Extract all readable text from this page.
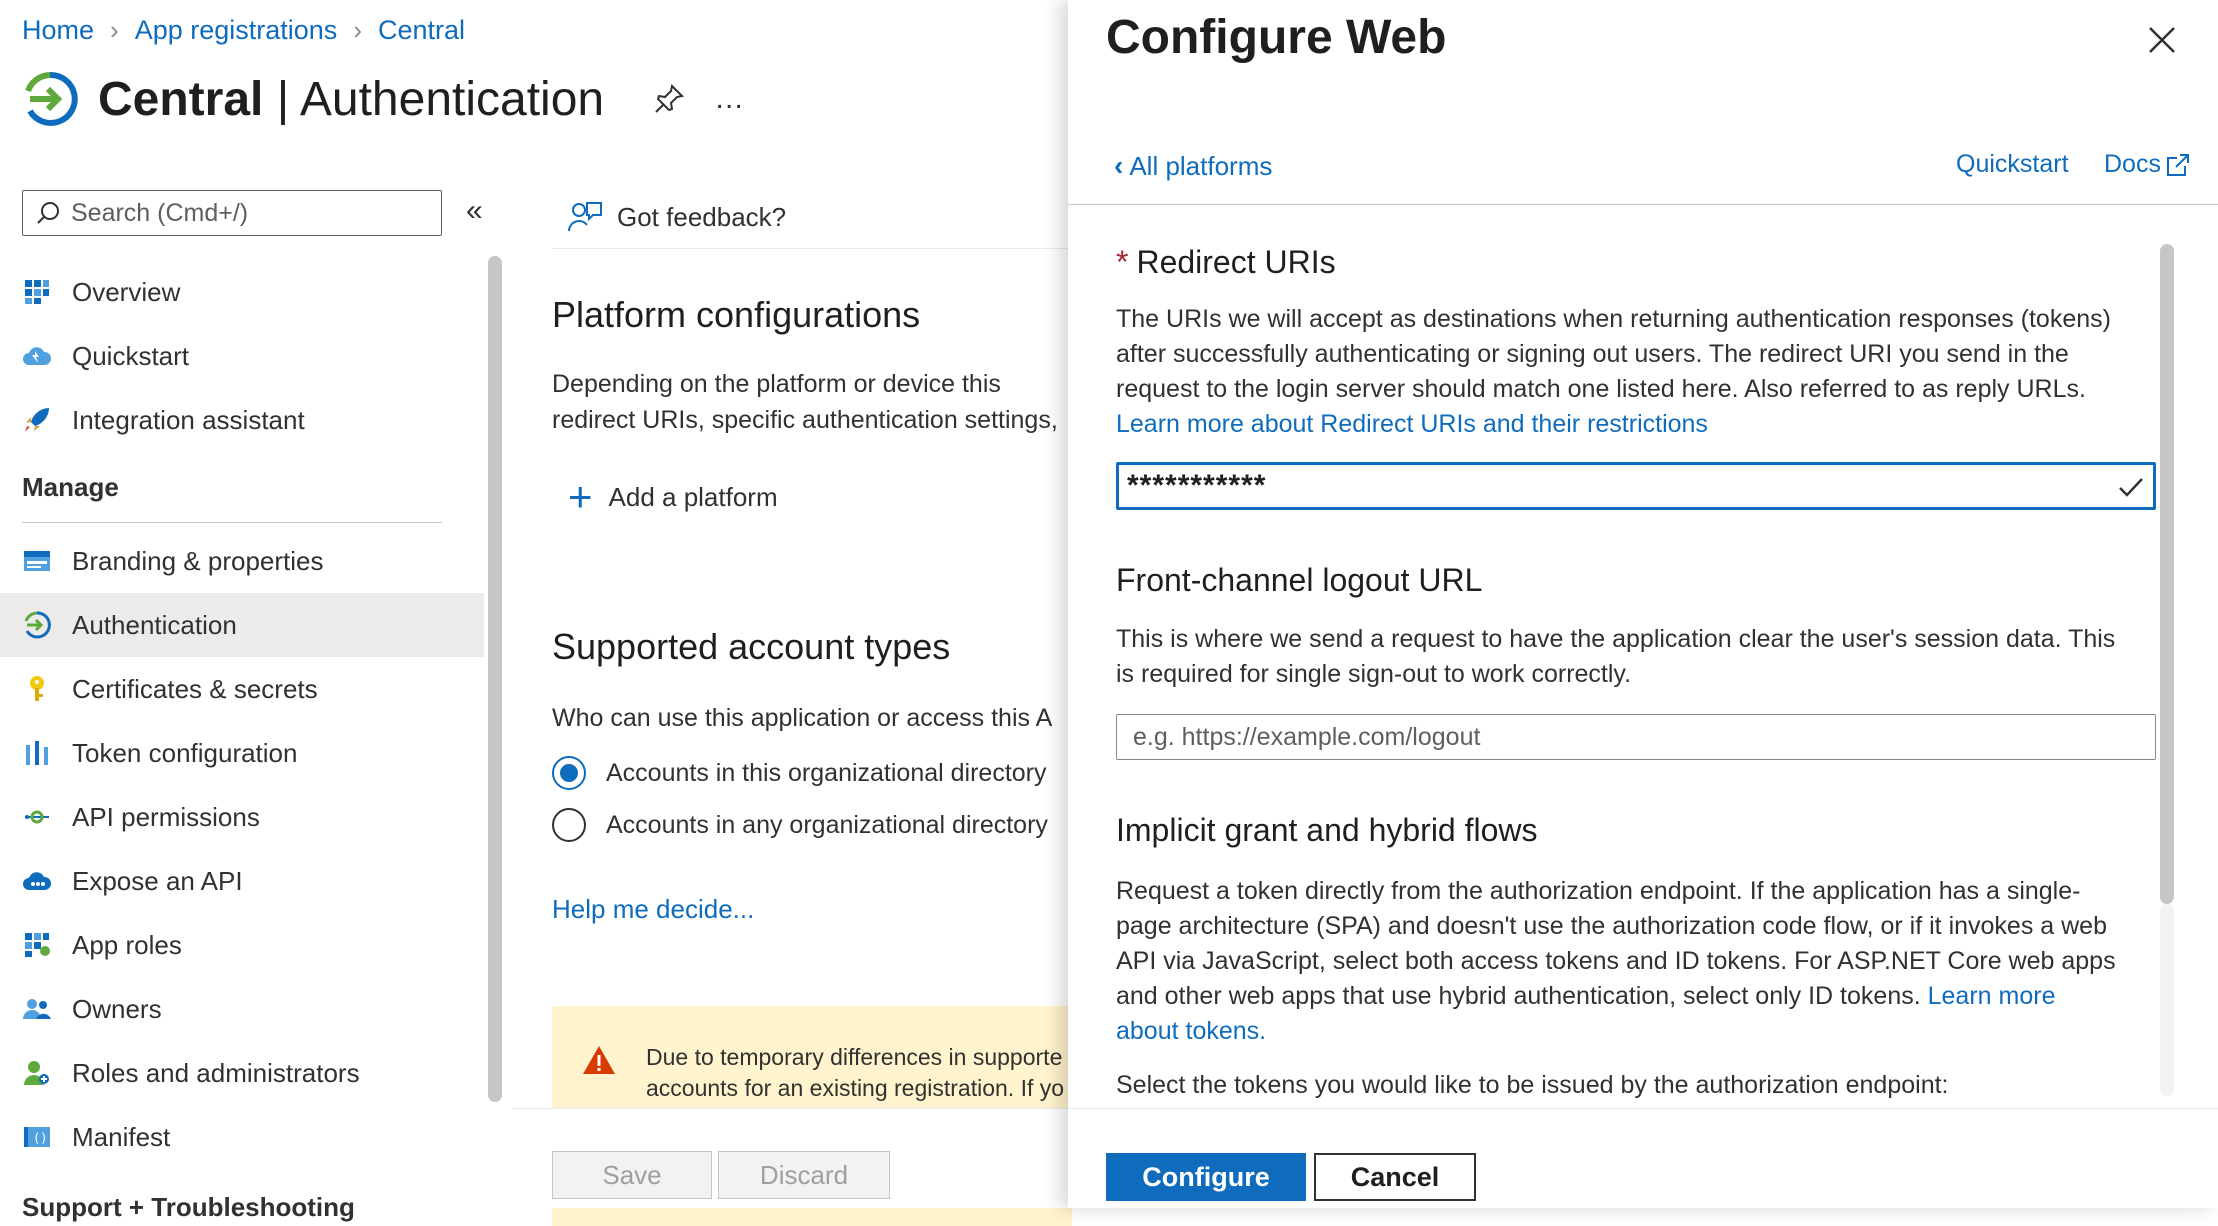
Home › App registrations › Central
Central | Authentication	…
Search (Cmd+/)
«
Overview
Quickstart
Integration assistant
Manage
Branding & properties
Authentication
Certificates & secrets
Token configuration
API permissions
Expose an API
App roles
Owners
Roles and administrators
() Manifest
Support + Troubleshooting
Got feedback?
Platform configurations
Depending on the platform or device this
redirect URIs, specific authentication settings,
+ Add a platform
Supported account types
Who can use this application or access this A
Accounts in this organizational directory
Accounts in any organizational directory
Help me decide...
Due to temporary differences in supporte
accounts for an existing registration. If yo
Save	Discard
Configure Web
‹ All platforms	Quickstart Docs
* Redirect URIs
The URIs we will accept as destinations when returning authentication responses (tokens)
after successfully authenticating or signing out users. The redirect URI you send in the
request to the login server should match one listed here. Also referred to as reply URLs.
Learn more about Redirect URIs and their restrictions
***********
Front-channel logout URL
This is where we send a request to have the application clear the user's session data. This
is required for single sign-out to work correctly.
e.g. https://example.com/logout
Implicit grant and hybrid flows
Request a token directly from the authorization endpoint. If the application has a single-
page architecture (SPA) and doesn't use the authorization code flow, or if it invokes a web
API via JavaScript, select both access tokens and ID tokens. For ASP.NET Core web apps
and other web apps that use hybrid authentication, select only ID tokens. Learn more
about tokens.
Select the tokens you would like to be issued by the authorization endpoint:
Configure	Cancel
